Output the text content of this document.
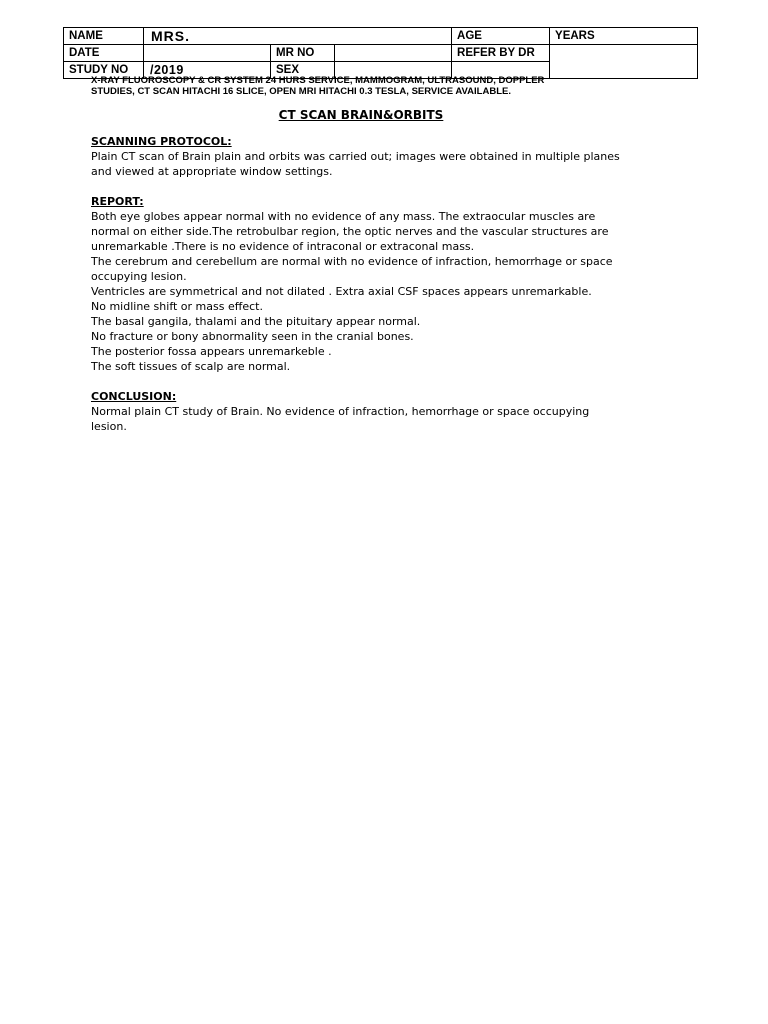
NAME	MRS.			AGE	YEARS
DATE		MR NO		REFER BY DR	
STUDY NO	/2019	SEX			
X-RAY FLUOROSCOPY & CR SYSTEM 24 HURS SERVICE, MAMMOGRAM, ULTRASOUND, DOPPLER
STUDIES, CT SCAN HITACHI 16 SLICE, OPEN MRI HITACHI 0.3 TESLA, SERVICE AVAILABLE.
CT SCAN BRAIN&ORBITS
SCANNING PROTOCOL:
Plain CT scan of Brain plain and orbits was carried out; images were obtained in multiple planes
and viewed at appropriate window settings.
REPORT:
Both eye globes appear normal with no evidence of any mass. The extraocular muscles are
normal on either side.The retrobulbar region, the optic nerves and the vascular structures are
unremarkable .There is no evidence of intraconal or extraconal mass.
The cerebrum and cerebellum are normal with no evidence of infraction, hemorrhage or space
occupying lesion.
Ventricles are symmetrical and not dilated . Extra axial CSF spaces appears unremarkable.
No midline shift or mass effect.
The basal gangila, thalami and the pituitary appear normal.
No fracture or bony abnormality seen in the cranial bones.
The posterior fossa appears unremarkeble .
The soft tissues of scalp are normal.
CONCLUSION:
Normal plain CT study of Brain. No evidence of infraction, hemorrhage or space occupying
lesion.
